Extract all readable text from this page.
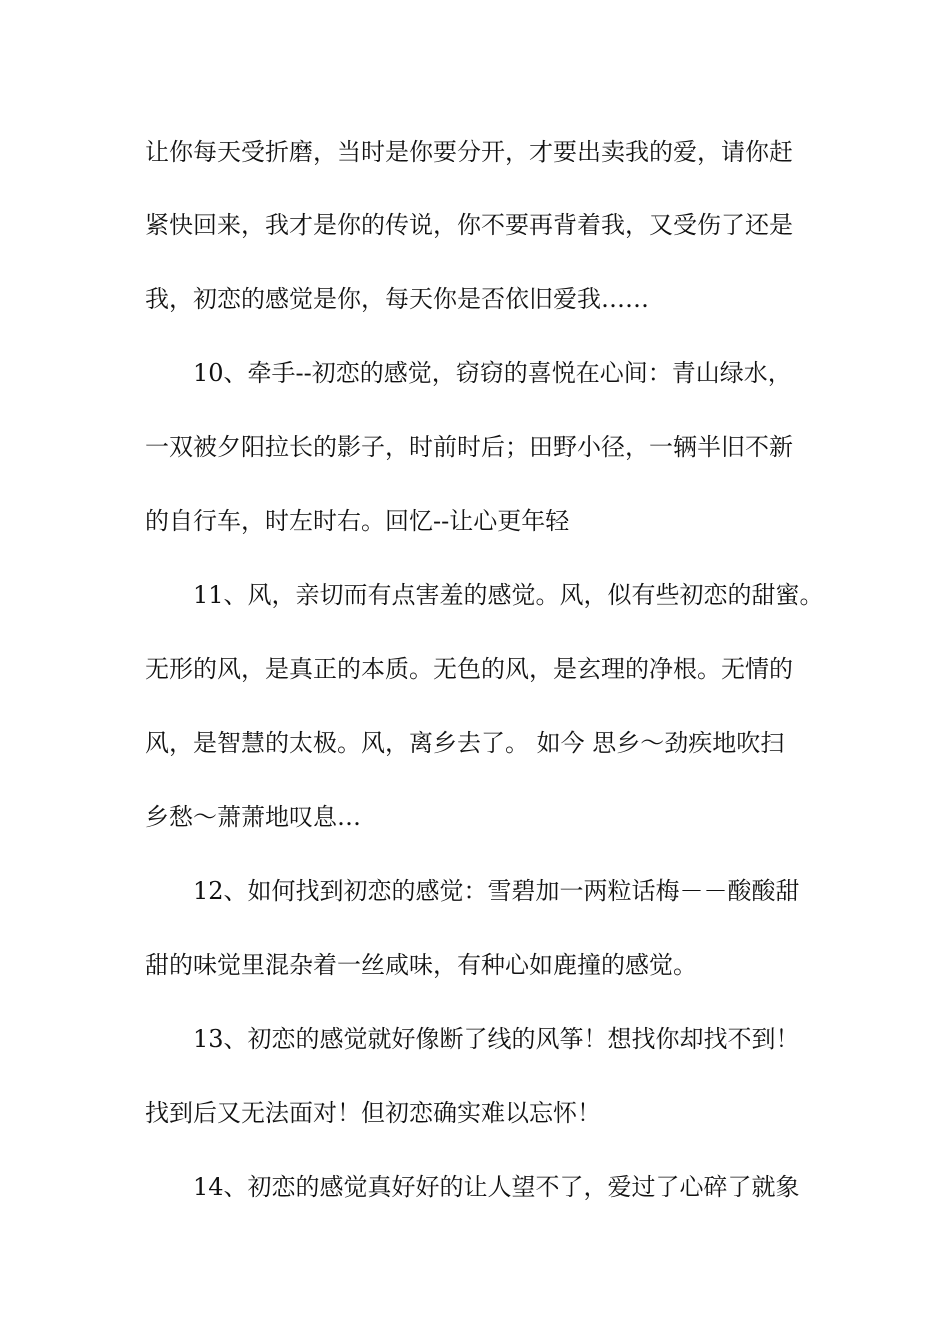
让你每天受折磨，当时是你要分开，才要出卖我的爱，请你赶

紧快回来，我才是你的传说，你不要再背着我，又受伤了还是

我，初恋的感觉是你，每天你是否依旧爱我……

10、牵手--初恋的感觉，窃窃的喜悦在心间：青山绿水，

一双被夕阳拉长的影子，时前时后；田野小径，一辆半旧不新

的自行车，时左时右。回忆--让心更年轻

11、风，亲切而有点害羞的感觉。风，似有些初恋的甜蜜。

无形的风，是真正的本质。无色的风，是玄理的净根。无情的

风，是智慧的太极。风，离乡去了。 如今 思乡～劲疾地吹扫

乡愁～萧萧地叹息…

12、如何找到初恋的感觉：雪碧加一两粒话梅－－酸酸甜

甜的味觉里混杂着一丝咸味，有种心如鹿撞的感觉。

13、初恋的感觉就好像断了线的风筝！想找你却找不到！

找到后又无法面对！但初恋确实难以忘怀！

14、初恋的感觉真好好的让人望不了，爱过了心碎了就象
